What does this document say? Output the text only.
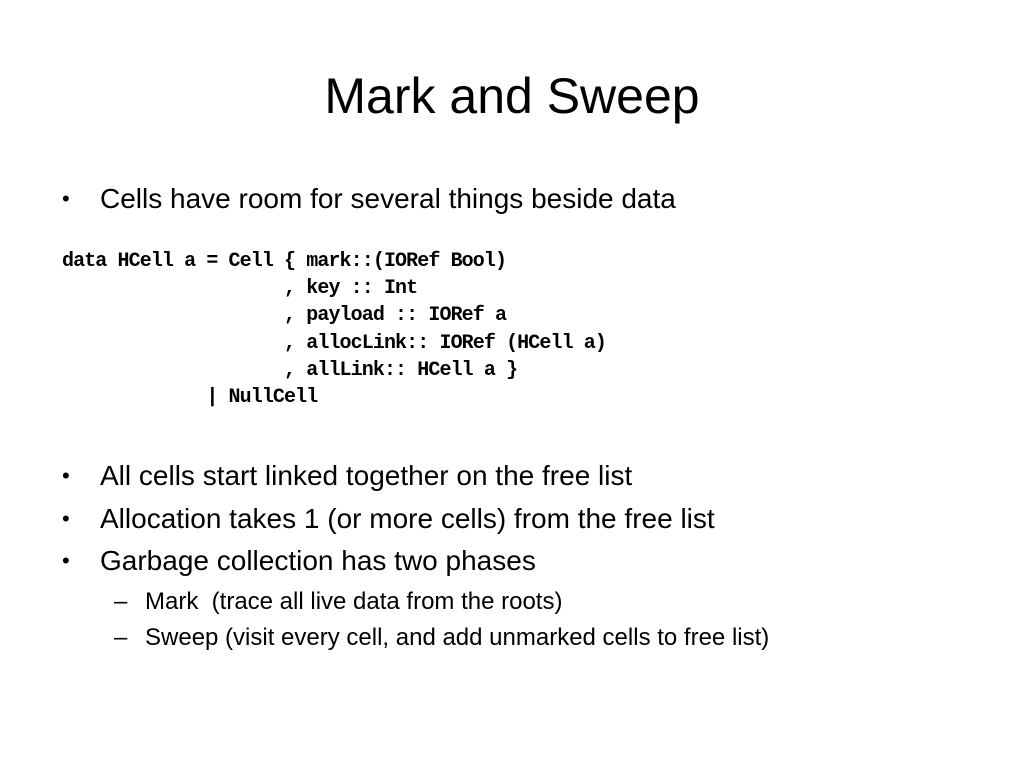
Mark and Sweep
• Cells have room for several things beside data
data HCell a = Cell { mark::(IORef Bool)
, key :: Int
, payload :: IORef a
, allocLink:: IORef (HCell a)
, allLink:: HCell a }
| NullCell
• All cells start linked together on the free list
• Allocation takes 1 (or more cells) from the free list
• Garbage collection has two phases
– Mark  (trace all live data from the roots)
– Sweep (visit every cell, and add unmarked cells to free list)
